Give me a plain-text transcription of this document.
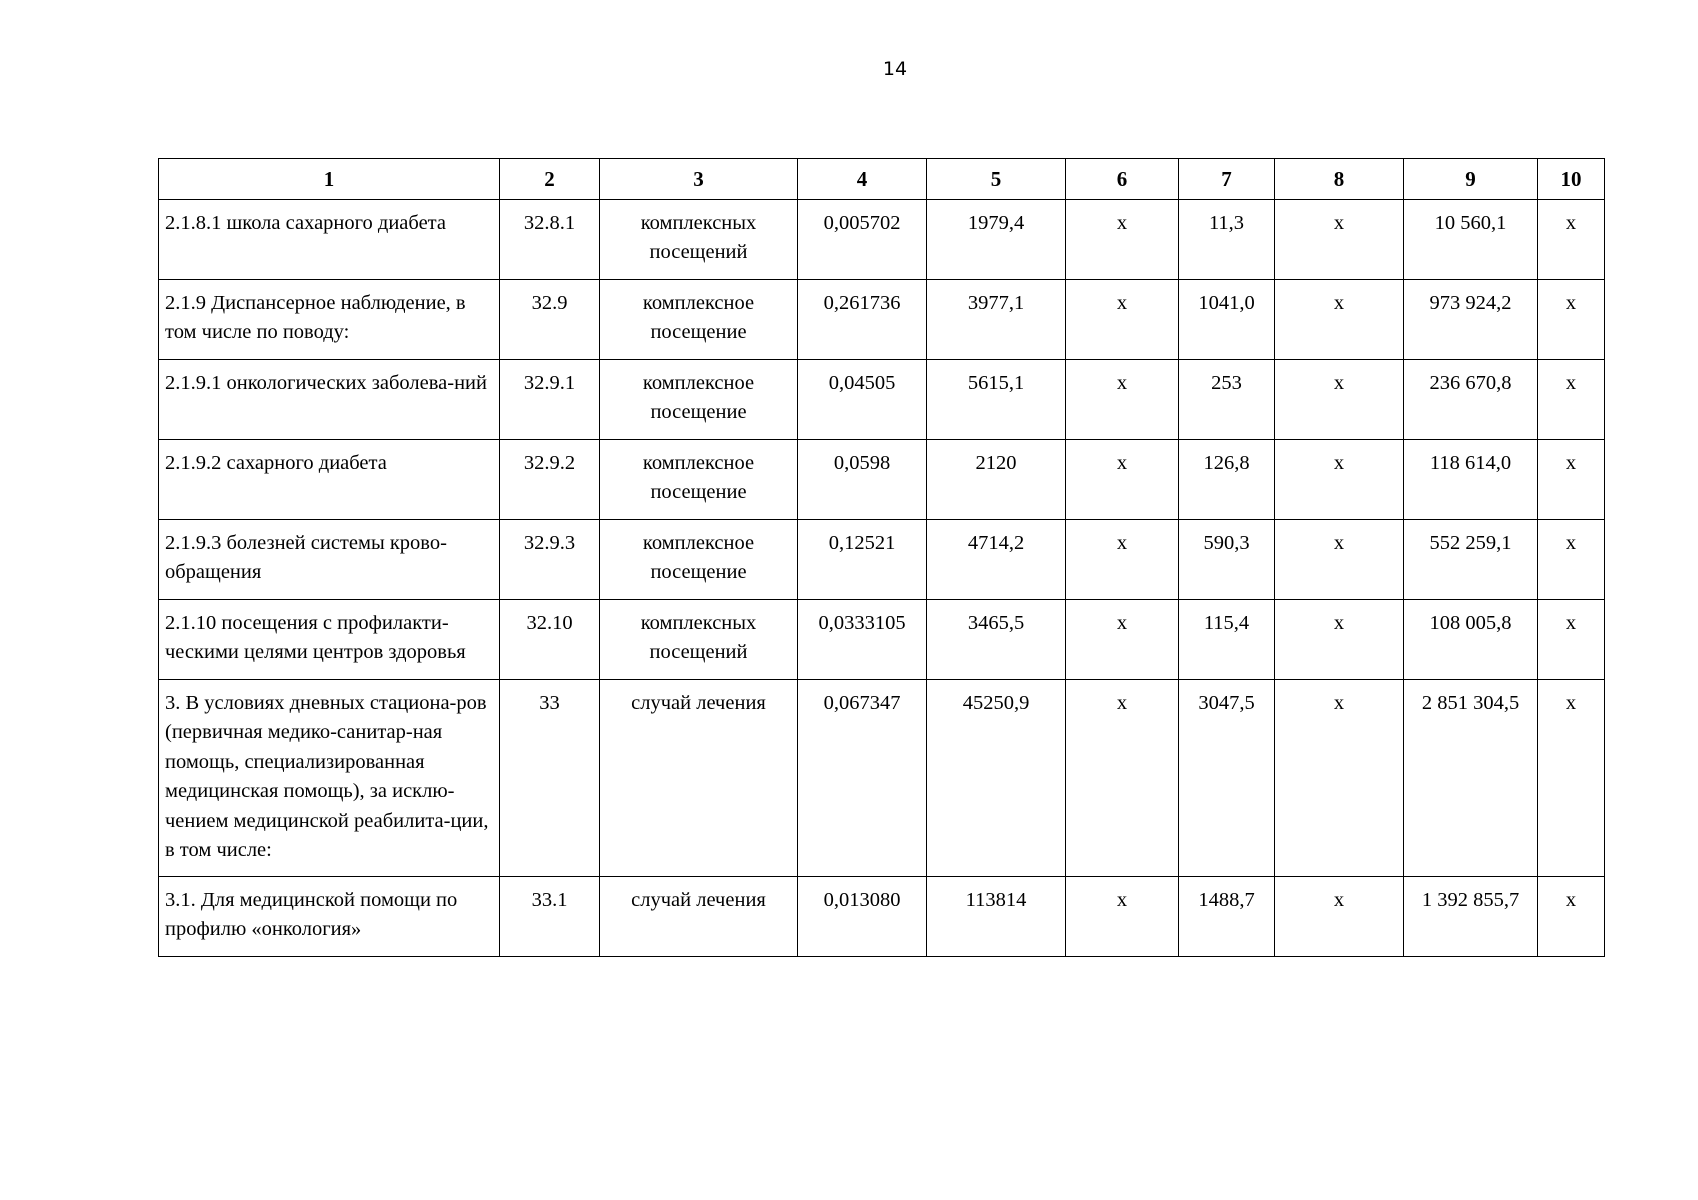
14
1	2	3	4	5	6	7	8	9	10
2.1.8.1 школа сахарного диабета	32.8.1	комплексных посещений	0,005702	1979,4	х	11,3	х	10 560,1	х
2.1.9 Диспансерное наблюдение, в том числе по поводу:	32.9	комплексное посещение	0,261736	3977,1	х	1041,0	х	973 924,2	х
2.1.9.1 онкологических заболева-ний	32.9.1	комплексное посещение	0,04505	5615,1	х	253	х	236 670,8	х
2.1.9.2 сахарного диабета	32.9.2	комплексное посещение	0,0598	2120	х	126,8	х	118 614,0	х
2.1.9.3 болезней системы крово-обращения	32.9.3	комплексное посещение	0,12521	4714,2	х	590,3	х	552 259,1	х
2.1.10 посещения с профилакти-ческими целями центров здоровья	32.10	комплексных посещений	0,0333105	3465,5	х	115,4	х	108 005,8	х
3. В условиях дневных стациона-ров (первичная медико-санитар-ная помощь, специализированная медицинская помощь), за исклю-чением медицинской реабилита-ции, в том числе:	33	случай лечения	0,067347	45250,9	х	3047,5	х	2 851 304,5	х
3.1. Для медицинской помощи по профилю «онкология»	33.1	случай лечения	0,013080	113814	х	1488,7	х	1 392 855,7	х
